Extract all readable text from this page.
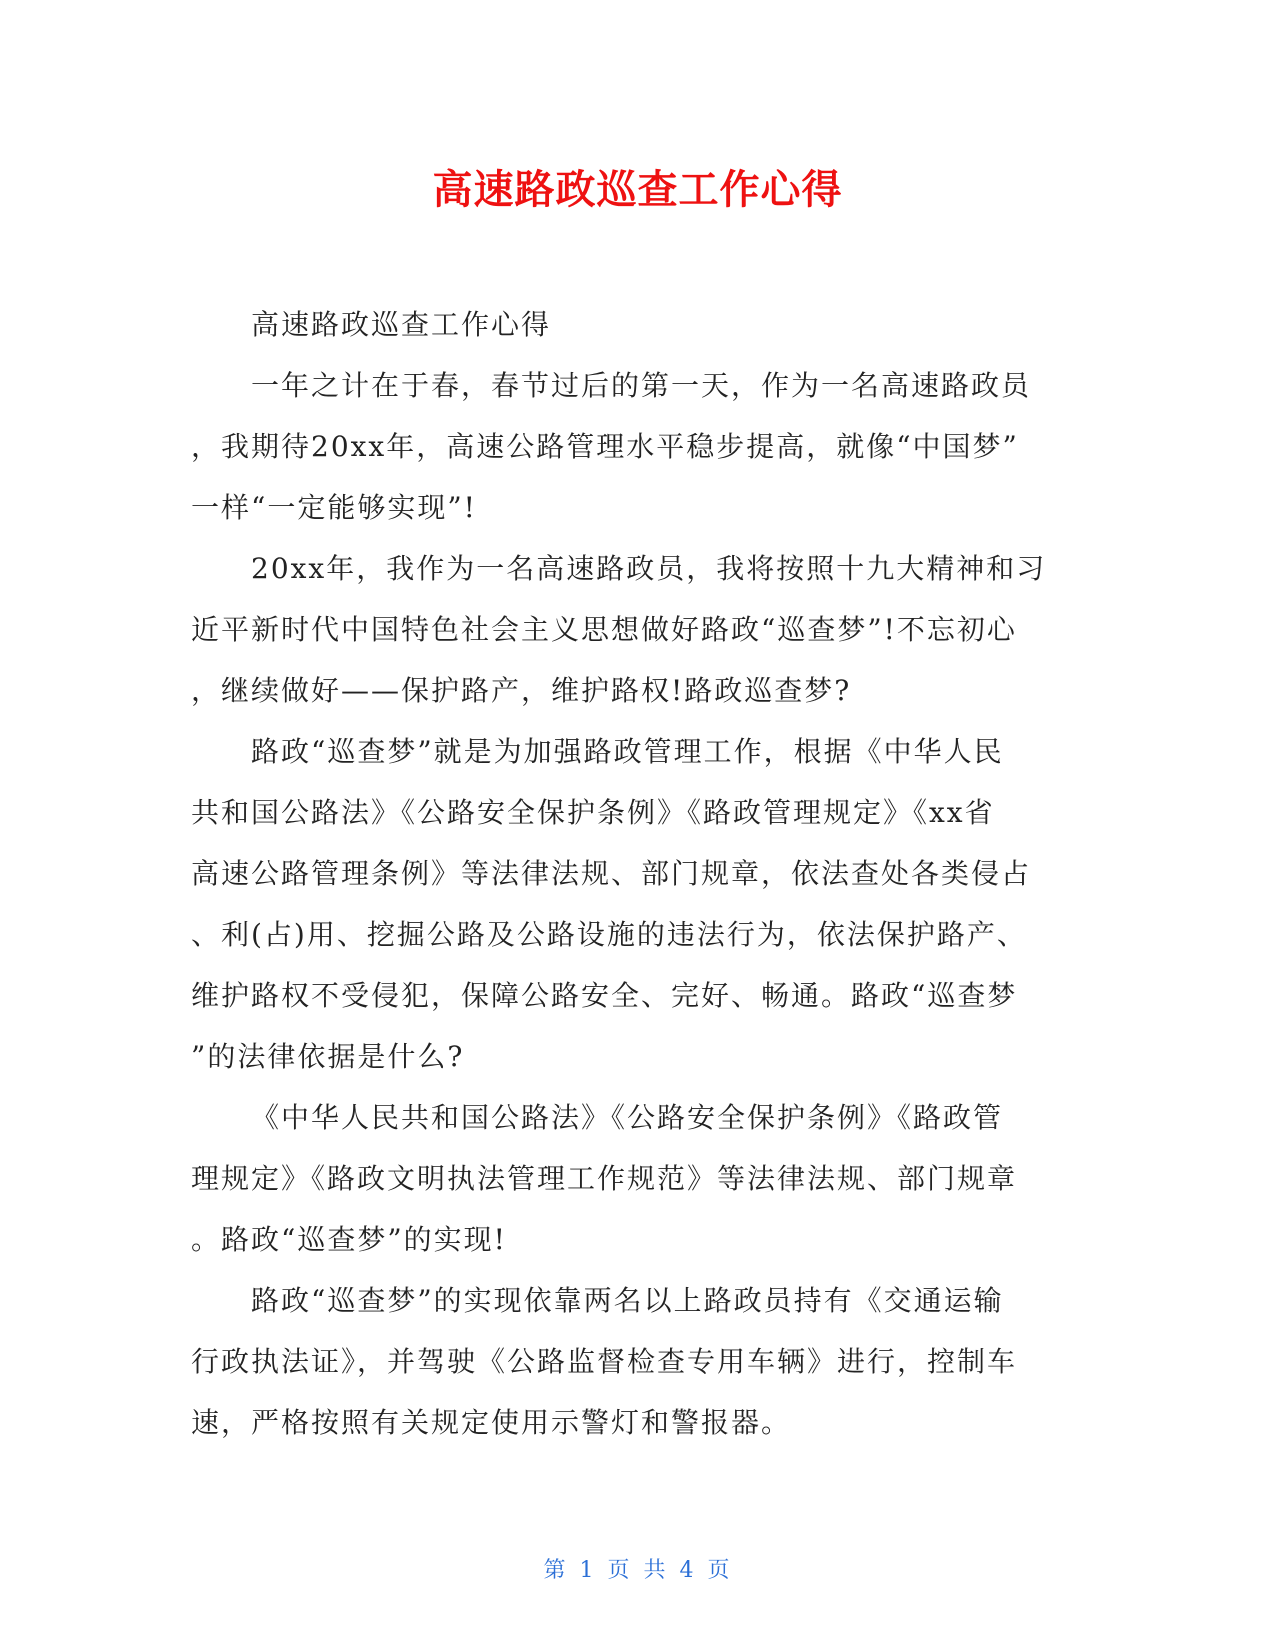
高速路政巡查工作心得
高速路政巡查工作心得
一年之计在于春，春节过后的第一天，作为一名高速路政员
，我期待20xx年，高速公路管理水平稳步提高，就像“中国梦”
一样“一定能够实现”!
20xx年，我作为一名高速路政员，我将按照十九大精神和习
近平新时代中国特色社会主义思想做好路政“巡查梦”!不忘初心
，继续做好——保护路产，维护路权!路政巡查梦?
路政“巡查梦”就是为加强路政管理工作，根据《中华人民
共和国公路法》《公路安全保护条例》《路政管理规定》《xx省
高速公路管理条例》等法律法规、部门规章，依法查处各类侵占
、利(占)用、挖掘公路及公路设施的违法行为，依法保护路产、
维护路权不受侵犯，保障公路安全、完好、畅通。路政“巡查梦
”的法律依据是什么?
《中华人民共和国公路法》《公路安全保护条例》《路政管
理规定》《路政文明执法管理工作规范》等法律法规、部门规章
。路政“巡查梦”的实现!
路政“巡查梦”的实现依靠两名以上路政员持有《交通运输
行政执法证》，并驾驶《公路监督检查专用车辆》进行，控制车
速，严格按照有关规定使用示警灯和警报器。
第 1 页 共 4 页
